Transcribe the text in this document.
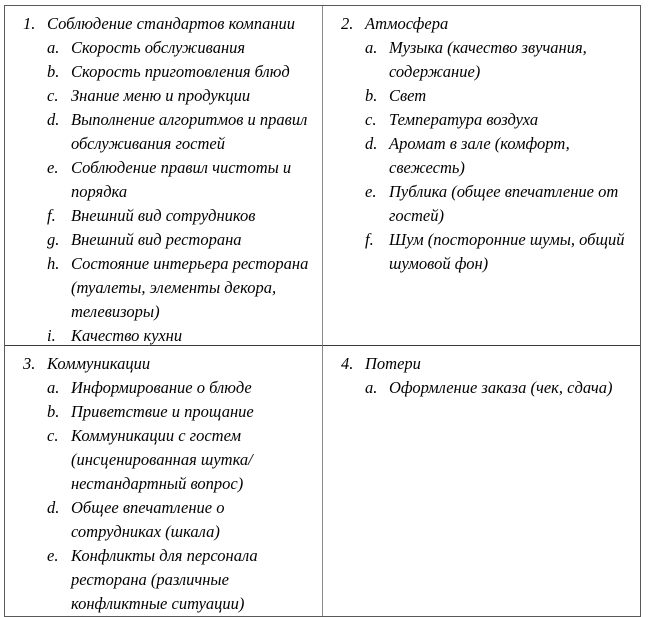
1. Соблюдение стандартов компании
a. Скорость обслуживания
b. Скорость приготовления блюд
c. Знание меню и продукции
d. Выполнение алгоритмов и правил обслуживания гостей
e. Соблюдение правил чистоты и порядка
f. Внешний вид сотрудников
g. Внешний вид ресторана
h. Состояние интерьера ресторана (туалеты, элементы декора, телевизоры)
i. Качество кухни
2. Атмосфера
a. Музыка (качество звучания, содержание)
b. Свет
c. Температура воздуха
d. Аромат в зале (комфорт, свежесть)
e. Публика (общее впечатление от гостей)
f. Шум (посторонние шумы, общий шумовой фон)
3. Коммуникации
a. Информирование о блюде
b. Приветствие и прощание
c. Коммуникации с гостем (инсценированная шутка/нестандартный вопрос)
d. Общее впечатление о сотрудниках (шкала)
e. Конфликты для персонала ресторана (различные конфликтные ситуации)
4. Потери
a. Оформление заказа (чек, сдача)
